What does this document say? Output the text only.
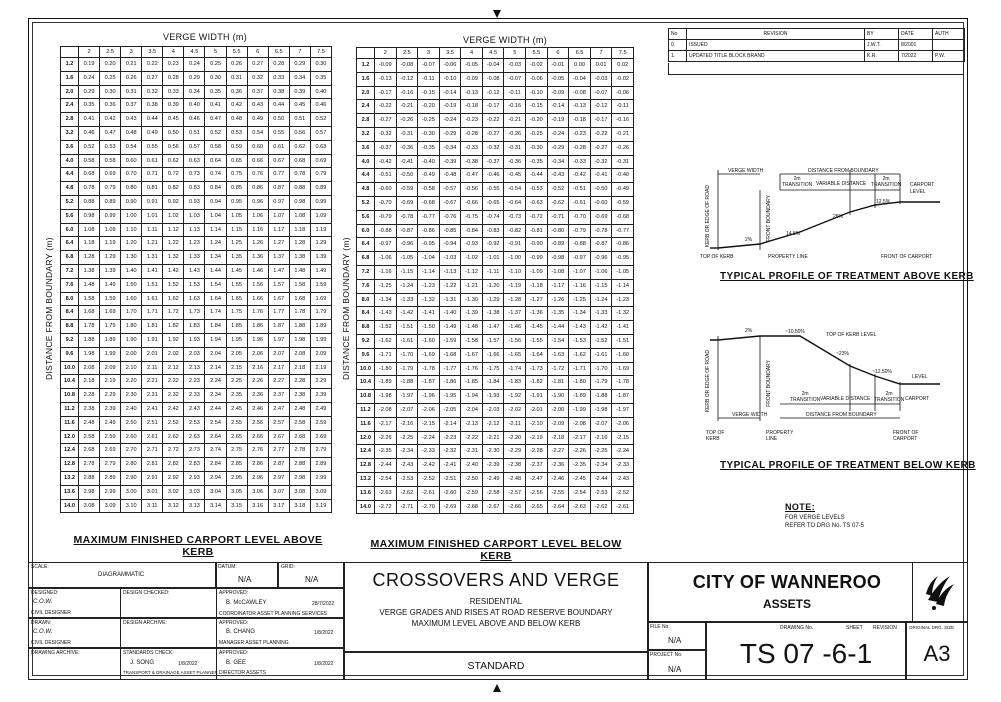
VERGE WIDTH (m)
DISTANCE FROM BOUNDARY (m)
	2	2.5	3	3.5	4	4.5	5	5.5	6	6.5	7	7.5
1.2	0.19	0.20	0.21	0.22	0.23	0.24	0.25	0.26	0.27	0.28	0.29	0.30
1.6	0.24	0.25	0.26	0.27	0.28	0.29	0.30	0.31	0.32	0.33	0.34	0.35
2.0	0.29	0.30	0.31	0.32	0.33	0.34	0.35	0.36	0.37	0.38	0.39	0.40
2.4	0.35	0.36	0.37	0.38	0.39	0.40	0.41	0.42	0.43	0.44	0.45	0.46
2.8	0.41	0.42	0.43	0.44	0.45	0.46	0.47	0.48	0.49	0.50	0.51	0.52
3.2	0.46	0.47	0.48	0.49	0.50	0.51	0.52	0.53	0.54	0.55	0.56	0.57
3.6	0.52	0.53	0.54	0.55	0.56	0.57	0.58	0.59	0.60	0.61	0.62	0.63
4.0	0.58	0.58	0.60	0.61	0.62	0.63	0.64	0.65	0.66	0.67	0.68	0.69
4.4	0.68	0.69	0.70	0.71	0.72	0.73	0.74	0.75	0.76	0.77	0.78	0.79
4.8	0.78	0.79	0.80	0.81	0.82	0.83	0.84	0.85	0.86	0.87	0.88	0.89
5.2	0.88	0.89	0.90	0.91	0.92	0.93	0.94	0.95	0.96	0.97	0.98	0.99
5.6	0.98	0.99	1.00	1.01	1.02	1.03	1.04	1.05	1.06	1.07	1.08	1.09
6.0	1.08	1.09	1.10	1.11	1.12	1.13	1.14	1.15	1.16	1.17	1.18	1.19
6.4	1.18	1.19	1.20	1.21	1.22	1.23	1.24	1.25	1.26	1.27	1.28	1.29
6.8	1.28	1.29	1.30	1.31	1.32	1.33	1.34	1.35	1.36	1.37	1.38	1.39
7.2	1.38	1.39	1.40	1.41	1.42	1.43	1.44	1.45	1.46	1.47	1.48	1.49
7.6	1.48	1.49	1.50	1.51	1.52	1.53	1.54	1.55	1.56	1.57	1.58	1.59
8.0	1.58	1.59	1.60	1.61	1.62	1.63	1.64	1.65	1.66	1.67	1.68	1.69
8.4	1.68	1.69	1.70	1.71	1.72	1.73	1.74	1.75	1.76	1.77	1.78	1.79
8.8	1.78	1.79	1.80	1.81	1.82	1.83	1.84	1.85	1.86	1.87	1.88	1.89
9.2	1.88	1.89	1.90	1.91	1.92	1.93	1.94	1.95	1.96	1.97	1.98	1.99
9.6	1.98	1.99	2.00	2.01	2.02	2.03	2.04	2.05	2.06	2.07	2.08	2.09
10.0	2.08	2.09	2.10	2.11	2.12	2.13	2.14	2.15	2.16	2.17	2.18	2.19
10.4	2.18	2.19	2.20	2.21	2.22	2.23	2.24	2.25	2.26	2.27	2.28	2.29
10.8	2.28	2.29	2.30	2.31	2.32	2.33	2.34	2.35	2.36	2.37	2.38	2.39
11.2	2.38	2.39	2.40	2.41	2.42	2.43	2.44	2.45	2.46	2.47	2.48	2.49
11.6	2.48	2.49	2.50	2.51	2.52	2.53	2.54	2.55	2.56	2.57	2.58	2.59
12.0	2.58	2.59	2.60	2.61	2.62	2.63	2.64	2.65	2.66	2.67	2.68	2.69
12.4	2.68	2.69	2.70	2.71	2.72	2.73	2.74	2.75	2.76	2.77	2.78	2.79
12.8	2.78	2.79	2.80	2.81	2.82	2.83	2.84	2.85	2.86	2.87	2.88	2.89
13.2	2.88	2.89	2.90	2.91	2.92	2.93	2.94	2.95	2.96	2.97	2.98	2.99
13.6	2.98	2.99	3.00	3.01	3.02	3.03	3.04	3.05	3.06	3.07	3.08	3.09
14.0	3.08	3.09	3.10	3.11	3.12	3.13	3.14	3.15	3.16	3.17	3.18	3.19
MAXIMUM FINISHED CARPORT LEVEL ABOVE KERB
VERGE WIDTH (m)
DISTANCE FROM BOUNDARY (m)
	2	2.5	3	3.5	4	4.5	5	5.5	6	6.5	7	7.5
1.2	-0.09	-0.08	-0.07	-0.06	-0.05	-0.04	-0.03	-0.02	-0.01	0.00	0.01	0.02
1.6	-0.13	-0.12	-0.11	-0.10	-0.09	-0.08	-0.07	-0.06	-0.05	-0.04	-0.03	-0.02
2.0	-0.17	-0.16	-0.15	-0.14	-0.13	-0.12	-0.11	-0.10	-0.09	-0.08	-0.07	-0.06
2.4	-0.22	-0.21	-0.20	-0.19	-0.18	-0.17	-0.16	-0.15	-0.14	-0.13	-0.12	-0.11
2.8	-0.27	-0.26	-0.25	-0.24	-0.23	-0.22	-0.21	-0.20	-0.19	-0.18	-0.17	-0.16
3.2	-0.32	-0.31	-0.30	-0.29	-0.28	-0.27	-0.26	-0.25	-0.24	-0.23	-0.22	-0.21
3.6	-0.37	-0.36	-0.35	-0.34	-0.33	-0.32	-0.31	-0.30	-0.29	-0.28	-0.27	-0.26
4.0	-0.42	-0.41	-0.40	-0.39	-0.38	-0.37	-0.36	-0.35	-0.34	-0.33	-0.32	-0.31
4.4	-0.51	-0.50	-0.49	-0.48	-0.47	-0.46	-0.45	-0.44	-0.43	-0.42	-0.41	-0.40
4.8	-0.60	-0.59	-0.58	-0.57	-0.56	-0.55	-0.54	-0.53	-0.52	-0.51	-0.50	-0.49
5.2	-0.70	-0.69	-0.68	-0.67	-0.66	-0.65	-0.64	-0.63	-0.62	-0.61	-0.60	-0.59
5.6	-0.79	-0.78	-0.77	-0.76	-0.75	-0.74	-0.73	-0.72	-0.71	-0.70	-0.69	-0.68
6.0	-0.88	-0.87	-0.86	-0.85	-0.84	-0.83	-0.82	-0.81	-0.80	-0.79	-0.78	-0.77
6.4	-0.97	-0.96	-0.95	-0.94	-0.93	-0.92	-0.91	-0.90	-0.89	-0.88	-0.87	-0.86
6.8	-1.06	-1.05	-1.04	-1.03	-1.02	-1.01	-1.00	-0.99	-0.98	-0.97	-0.96	-0.95
7.2	-1.16	-1.15	-1.14	-1.13	-1.12	-1.11	-1.10	-1.09	-1.08	-1.07	-1.06	-1.05
7.6	-1.25	-1.24	-1.23	-1.22	-1.21	-1.20	-1.19	-1.18	-1.17	-1.16	-1.15	-1.14
8.0	-1.34	-1.33	-1.32	-1.31	-1.30	-1.29	-1.28	-1.27	-1.26	-1.25	-1.24	-1.23
8.4	-1.43	-1.42	-1.41	-1.40	-1.39	-1.38	-1.37	-1.36	-1.35	-1.34	-1.33	-1.32
8.8	-1.52	-1.51	-1.50	-1.49	-1.48	-1.47	-1.46	-1.45	-1.44	-1.43	-1.42	-1.41
9.2	-1.62	-1.61	-1.60	-1.59	-1.58	-1.57	-1.56	-1.55	-1.54	-1.53	-1.52	-1.51
9.6	-1.71	-1.70	-1.69	-1.68	-1.67	-1.66	-1.65	-1.64	-1.63	-1.62	-1.61	-1.60
10.0	-1.80	-1.79	-1.78	-1.77	-1.76	-1.75	-1.74	-1.73	-1.72	-1.71	-1.70	-1.69
10.4	-1.89	-1.88	-1.87	-1.86	-1.85	-1.84	-1.83	-1.82	-1.81	-1.80	-1.79	-1.78
10.8	-1.98	-1.97	-1.96	-1.95	-1.94	-1.93	-1.92	-1.91	-1.90	-1.89	-1.88	-1.87
11.2	-2.08	-2.07	-2.06	-2.05	-2.04	-2.03	-2.02	-2.01	-2.00	-1.99	-1.98	-1.97
11.6	-2.17	-2.16	-2.15	-2.14	-2.13	-2.12	-2.11	-2.10	-2.09	-2.08	-2.07	-2.06
12.0	-2.26	-2.25	-2.24	-2.23	-2.22	-2.21	-2.20	-2.19	-2.18	-2.17	-2.16	-2.15
12.4	-2.35	-2.34	-2.33	-2.32	-2.31	-2.30	-2.29	-2.28	-2.27	-2.26	-2.25	-2.24
12.8	-2.44	-2.43	-2.42	-2.41	-2.40	-2.39	-2.38	-2.37	-2.36	-2.35	-2.34	-2.33
13.2	-2.54	-2.53	-2.52	-2.51	-2.50	-2.49	-2.48	-2.47	-2.46	-2.45	-2.44	-2.43
13.6	-2.63	-2.62	-2.61	-2.60	-2.59	-2.58	-2.57	-2.56	-2.55	-2.54	-2.53	-2.52
14.0	-2.72	-2.71	-2.70	-2.69	-2.68	-2.67	-2.66	-2.65	-2.64	-2.63	-2.62	-2.61
MAXIMUM FINISHED CARPORT LEVEL BELOW KERB
No	REVISION	BY	DATE	AUTH
0.	ISSUED	J.W.T.	8/2001	
1.	UPDATED TITLE BLOCK BRAND	K.R.	7/2022	P.W.
VERGE WIDTH	DISTANCE FROM BOUNDARY
2m
TRANSITION VARIABLE DISTANCE
2m
TRANSITION CARPORT
LEVEL
KERB OR EDGE OF ROAD	FRONT BOUNDARY
2%
14.5%
25%
12.5%
TOP OF KERB	PROPERTY LINE	FRONT OF CARPORT
TYPICAL PROFILE OF TREATMENT ABOVE KERB
2%	~10.50%	TOP OF KERB LEVEL
~23%
~12.50%
LEVEL
KERB OR EDGE OF ROAD	FRONT BOUNDARY	2m
TRANSITION VARIABLE DISTANCE
2m
TRANSITION CARPORT
VERGE WIDTH	DISTANCE FROM BOUNDARY
TOP OF
KERB
PROPERTY
LINE
FRONT OF
CARPORT
TYPICAL PROFILE OF TREATMENT BELOW KERB
NOTE:
FOR VERGE LEVELS
REFER TO DRG No. TS 07-5
SCALE:
DIAGRAMMATIC
DATUM:
N/A
GRID:
N/A
DESIGNED:
C.O.W.
CIVIL DESIGNER
DESIGN CHECKED:	APPROVED:
B. McCAWLEY	28/7/2022
COORDINATOR ASSET PLANNING SERVICES
DRAWN:
C.O.W.
CIVIL DESIGNER
DESIGN ARCHIVE:	APPROVED:
B. CHANG	1/8/2022
MANAGER ASSET PLANNING
DRAWING ARCHIVE:	STANDARDS CHECK:
J. SONG	1/8/2022
TRANSPORT & DRAINAGE ASSET PLANNER
APPROVED:
B. GEE	1/8/2022
DIRECTOR ASSETS
CROSSOVERS AND VERGE
RESIDENTIAL
VERGE GRADES AND RISES AT ROAD RESERVE BOUNDARY
MAXIMUM LEVEL ABOVE AND BELOW KERB
STANDARD
CITY OF WANNEROO
ASSETS
FILE No.
N/A
PROJECT No.
N/A
DRAWING No.	SHEET REVISION
TS 07 -6-1
ORIGINAL DRG. SIZE
A3
